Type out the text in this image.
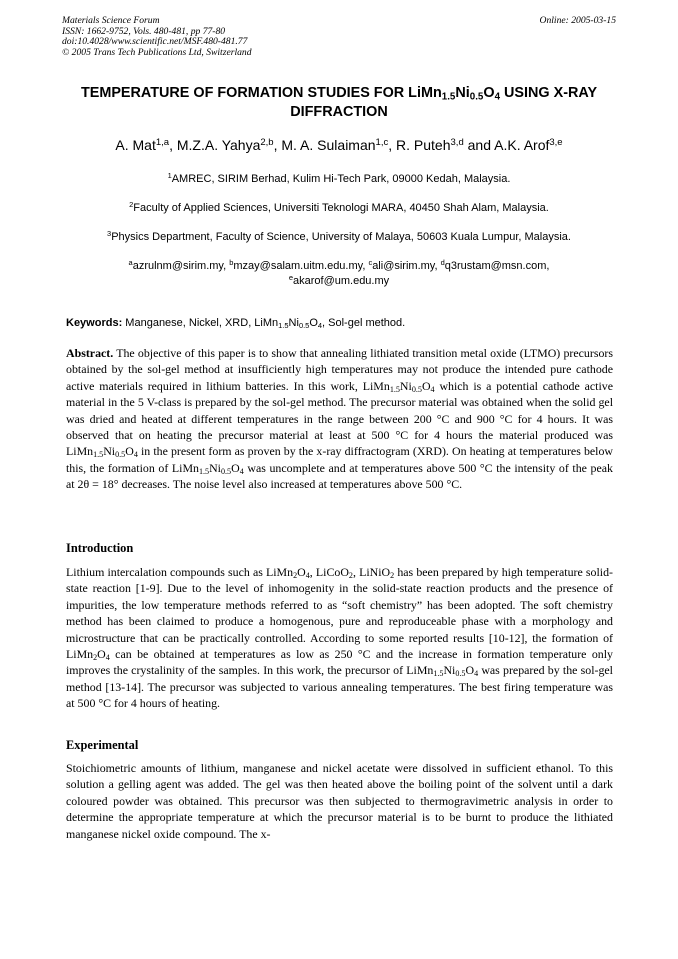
Materials Science Forum
ISSN: 1662-9752, Vols. 480-481, pp 77-80
doi:10.4028/www.scientific.net/MSF.480-481.77
© 2005 Trans Tech Publications Ltd, Switzerland
Online: 2005-03-15
TEMPERATURE OF FORMATION STUDIES FOR $LiMn_{1.5}Ni_{0.5}O_4$ USING X-RAY DIFFRACTION
A. Mat$^{1,a}$, M.Z.A. Yahya$^{2,b}$, M. A. Sulaiman$^{1,c}$, R. Puteh$^{3,d}$ and A.K. Arof$^{3,e}$
$^1$AMREC, SIRIM Berhad, Kulim Hi-Tech Park, 09000 Kedah, Malaysia.
$^2$Faculty of Applied Sciences, Universiti Teknologi MARA, 40450 Shah Alam, Malaysia.
$^3$Physics Department, Faculty of Science, University of Malaya, 50603 Kuala Lumpur, Malaysia.
$^a$azrulnm@sirim.my, $^b$mzay@salam.uitm.edu.my, $^c$ali@sirim.my, $^d$q3rustam@msn.com,
$^e$akarof@um.edu.my
Keywords: Manganese, Nickel, XRD, $LiMn_{1.5}Ni_{0.5}O_4$, Sol-gel method.
Abstract. The objective of this paper is to show that annealing lithiated transition metal oxide (LTMO) precursors obtained by the sol-gel method at insufficiently high temperatures may not produce the intended pure cathode active materials required in lithium batteries. In this work, $LiMn_{1.5}Ni_{0.5}O_4$ which is a potential cathode active material in the 5 V-class is prepared by the sol-gel method. The precursor material was obtained when the solid gel was dried and heated at different temperatures in the range between 200 °C and 900 °C for 4 hours. It was observed that on heating the precursor material at least at 500 °C for 4 hours the material produced was $LiMn_{1.5}Ni_{0.5}O_4$ in the present form as proven by the x-ray diffractogram (XRD). On heating at temperatures below this, the formation of $LiMn_{1.5}Ni_{0.5}O_4$ was uncomplete and at temperatures above 500 °C the intensity of the peak at 2θ = 18° decreases. The noise level also increased at temperatures above 500 °C.
Introduction
Lithium intercalation compounds such as $LiMn_2O_4$, LiCoO$_2$, LiNiO$_2$ has been prepared by high temperature solid-state reaction [1-9]. Due to the level of inhomogenity in the solid-state reaction products and the presence of impurities, the low temperature methods referred to as “soft chemistry” has been adopted. The soft chemistry method has been claimed to produce a homogenous, pure and reproduceable phase with a morphology and microstructure that can be practically controlled. According to some reported results [10-12], the formation of $LiMn_2O_4$ can be obtained at temperatures as low as 250 °C and the increase in formation temperature only improves the crystalinity of the samples. In this work, the precursor of $LiMn_{1.5}Ni_{0.5}O_4$ was prepared by the sol-gel method [13-14]. The precursor was subjected to various annealing temperatures. The best firing temperature was at 500 °C for 4 hours of heating.
Experimental
Stoichiometric amounts of lithium, manganese and nickel acetate were dissolved in sufficient ethanol. To this solution a gelling agent was added. The gel was then heated above the boiling point of the solvent until a dark coloured powder was obtained. This precursor was then subjected to thermogravimetric analysis in order to determine the appropriate temperature at which the precursor material is to be burnt to produce the lithiated manganese nickel oxide compound. The x-
